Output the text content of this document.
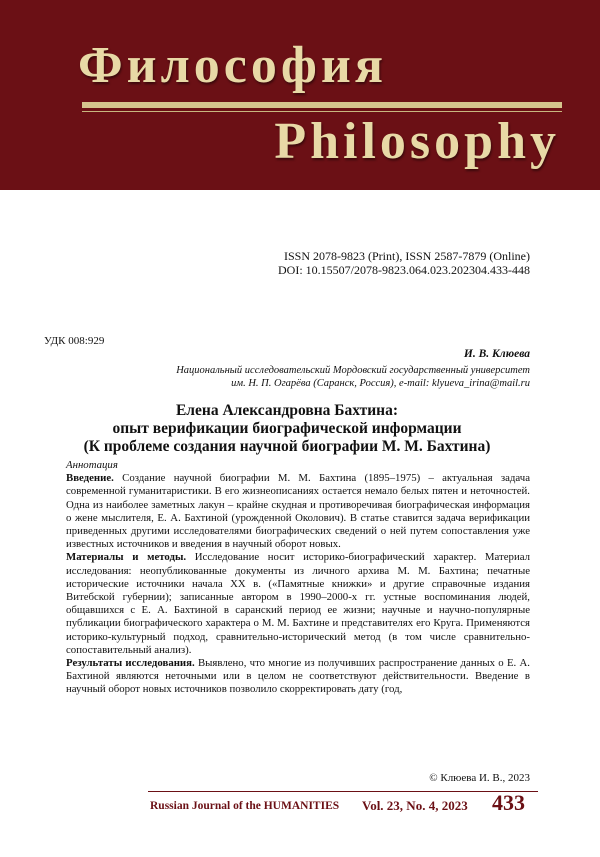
Философия
Philosophy
ISSN 2078-9823 (Print), ISSN 2587-7879 (Online)
DOI: 10.15507/2078-9823.064.023.202304.433-448
УДК 008:929
И. В. Клюева
Национальный исследовательский Мордовский государственный университет
им. Н. П. Огарёва (Саранск, Россия), e-mail: klyueva_irina@mail.ru
Елена Александровна Бахтина:
опыт верификации биографической информации
(К проблеме создания научной биографии М. М. Бахтина)

Аннотация

Введение. Создание научной биографии М. М. Бахтина (1895–1975) – актуальная задача современной гуманитаристики. В его жизнеописаниях остается немало белых пятен и неточностей. Одна из наиболее заметных лакун – крайне скудная и противоречивая биографическая информация о жене мыслителя, Е. А. Бахтиной (урожденной Околович). В статье ставится задача верификации приведенных другими исследователями биографических сведений о ней путем сопоставления уже известных источников и введения в научный оборот новых.

Материалы и методы. Исследование носит историко-биографический характер. Материал исследования: неопубликованные документы из личного архива М. М. Бахтина; печатные исторические источники начала XX в. («Памятные книжки» и другие справочные издания Витебской губернии); записанные автором в 1990–2000-х гг. устные воспоминания людей, общавшихся с Е. А. Бахтиной в саранский период ее жизни; научные и научно-популярные публикации биографического характера о М. М. Бахтине и представителях его Круга. Применяются историко-культурный подход, сравнительно-исторический метод (в том числе сравнительно-сопоставительный анализ).

Результаты исследования. Выявлено, что многие из получивших распространение данных о Е. А. Бахтиной являются неточными или в целом не соответствуют действительности. Введение в научный оборот новых источников позволило скорректировать дату (год,

© Клюева И. В., 2023
Russian Journal of the HUMANITIES Vol. 23, No. 4, 2023 433
